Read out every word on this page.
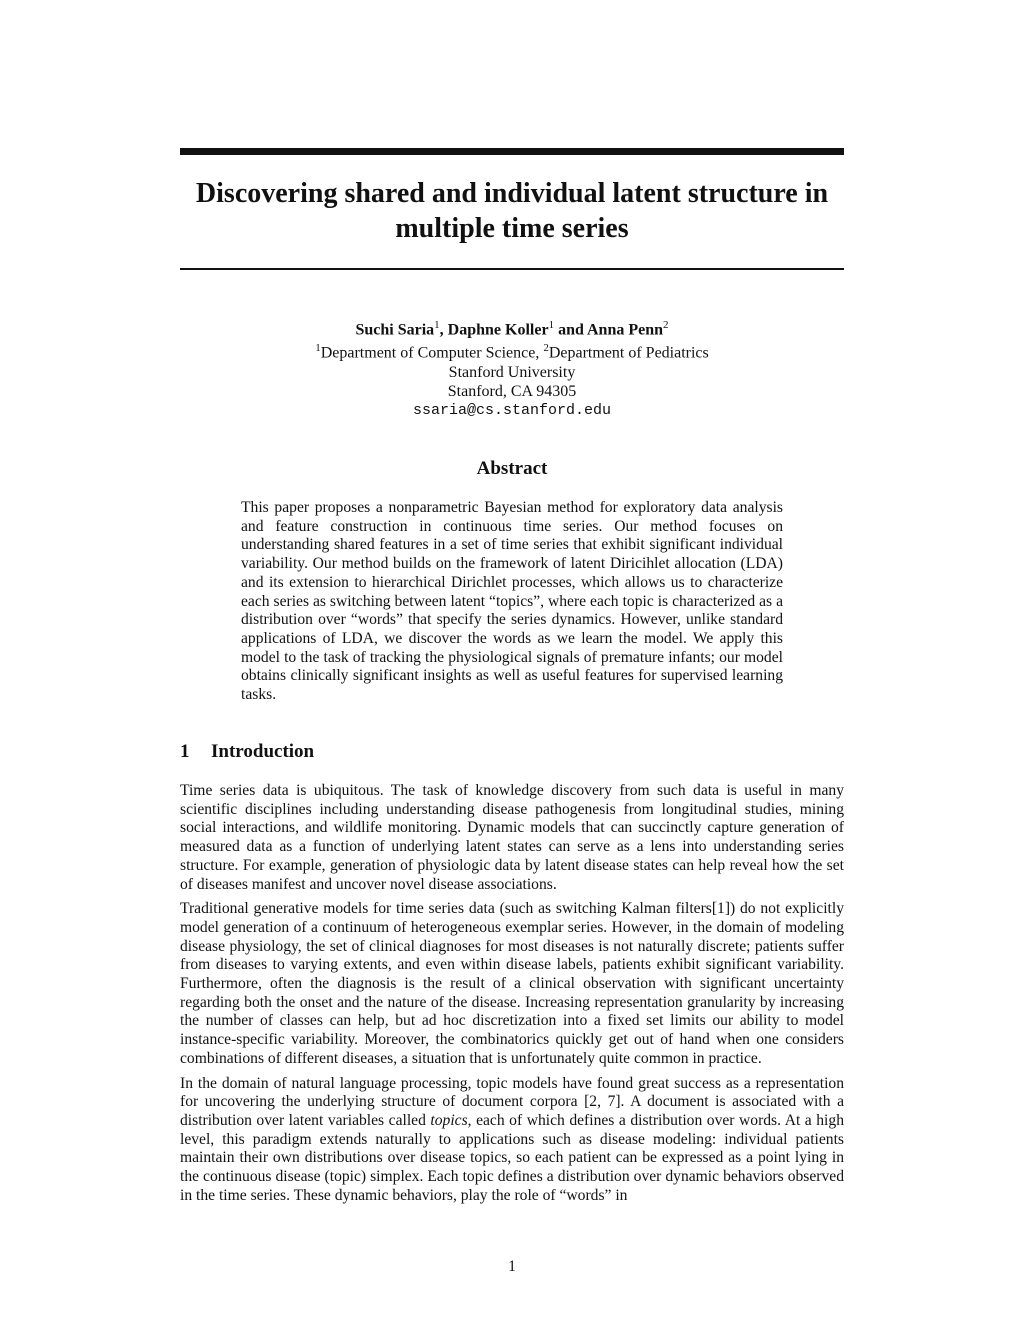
Discovering shared and individual latent structure in multiple time series
Suchi Saria$^1$, Daphne Koller$^1$ and Anna Penn$^2$
$^1$Department of Computer Science, $^2$Department of Pediatrics
Stanford University
Stanford, CA 94305
ssaria@cs.stanford.edu
Abstract

This paper proposes a nonparametric Bayesian method for exploratory data analysis and feature construction in continuous time series. Our method focuses on understanding shared features in a set of time series that exhibit significant individual variability. Our method builds on the framework of latent Diricihlet allocation (LDA) and its extension to hierarchical Dirichlet processes, which allows us to characterize each series as switching between latent “topics”, where each topic is characterized as a distribution over “words” that specify the series dynamics. However, unlike standard applications of LDA, we discover the words as we learn the model. We apply this model to the task of tracking the physiological signals of premature infants; our model obtains clinically significant insights as well as useful features for supervised learning tasks.

1 Introduction

Time series data is ubiquitous. The task of knowledge discovery from such data is useful in many scientific disciplines including understanding disease pathogenesis from longitudinal studies, mining social interactions, and wildlife monitoring. Dynamic models that can succinctly capture generation of measured data as a function of underlying latent states can serve as a lens into understanding series structure. For example, generation of physiologic data by latent disease states can help reveal how the set of diseases manifest and uncover novel disease associations.

Traditional generative models for time series data (such as switching Kalman filters[1]) do not explicitly model generation of a continuum of heterogeneous exemplar series. However, in the domain of modeling disease physiology, the set of clinical diagnoses for most diseases is not naturally discrete; patients suffer from diseases to varying extents, and even within disease labels, patients exhibit significant variability. Furthermore, often the diagnosis is the result of a clinical observation with significant uncertainty regarding both the onset and the nature of the disease. Increasing representation granularity by increasing the number of classes can help, but ad hoc discretization into a fixed set limits our ability to model instance-specific variability. Moreover, the combinatorics quickly get out of hand when one considers combinations of different diseases, a situation that is unfortunately quite common in practice.

In the domain of natural language processing, topic models have found great success as a representation for uncovering the underlying structure of document corpora [2, 7]. A document is associated with a distribution over latent variables called topics, each of which defines a distribution over words. At a high level, this paradigm extends naturally to applications such as disease modeling: individual patients maintain their own distributions over disease topics, so each patient can be expressed as a point lying in the continuous disease (topic) simplex. Each topic defines a distribution over dynamic behaviors observed in the time series. These dynamic behaviors, play the role of “words” in

1
